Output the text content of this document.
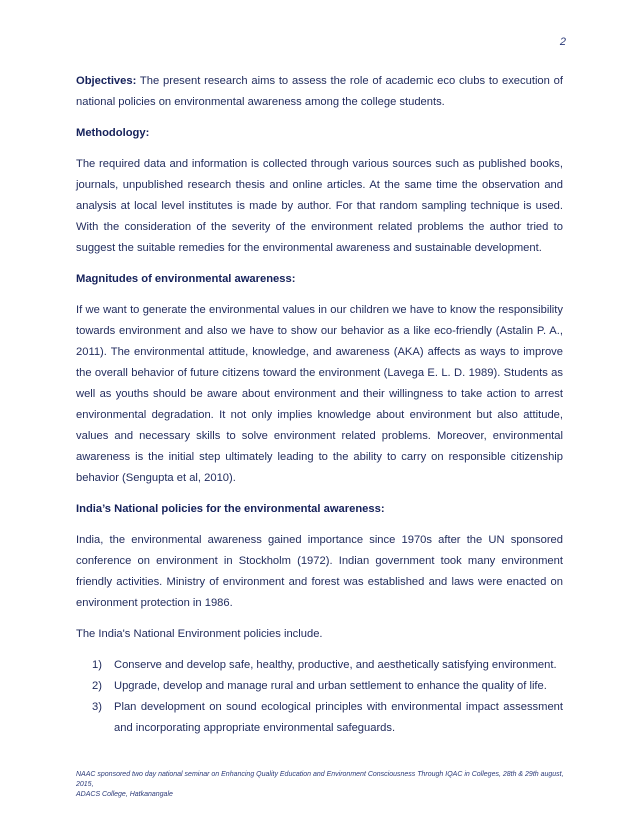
2

Objectives: The present research aims to assess the role of academic eco clubs to execution of national policies on environmental awareness among the college students.

Methodology:

The required data and information is collected through various sources such as published books, journals, unpublished research thesis and online articles. At the same time the observation and analysis at local level institutes is made by author. For that random sampling technique is used. With the consideration of the severity of the environment related problems the author tried to suggest the suitable remedies for the environmental awareness and sustainable development.

Magnitudes of environmental awareness:

If we want to generate the environmental values in our children we have to know the responsibility towards environment and also we have to show our behavior as a like eco-friendly (Astalin P. A., 2011). The environmental attitude, knowledge, and awareness (AKA) affects as ways to improve the overall behavior of future citizens toward the environment (Lavega E. L. D. 1989). Students as well as youths should be aware about environment and their willingness to take action to arrest environmental degradation. It not only implies knowledge about environment but also attitude, values and necessary skills to solve environment related problems. Moreover, environmental awareness is the initial step ultimately leading to the ability to carry on responsible citizenship behavior (Sengupta et al, 2010).

India’s National policies for the environmental awareness:

India, the environmental awareness gained importance since 1970s after the UN sponsored conference on environment in Stockholm (1972). Indian government took many environment friendly activities. Ministry of environment and forest was established and laws were enacted on environment protection in 1986.

The India's National Environment policies include.

1) Conserve and develop safe, healthy, productive, and aesthetically satisfying environment.
2) Upgrade, develop and manage rural and urban settlement to enhance the quality of life.
3) Plan development on sound ecological principles with environmental impact assessment and incorporating appropriate environmental safeguards.
NAAC sponsored two day national seminar on Enhancing Quality Education and Environment Consciousness Through IQAC in Colleges, 28th & 29th august, 2015,
ADACS College, Hatkanangale
